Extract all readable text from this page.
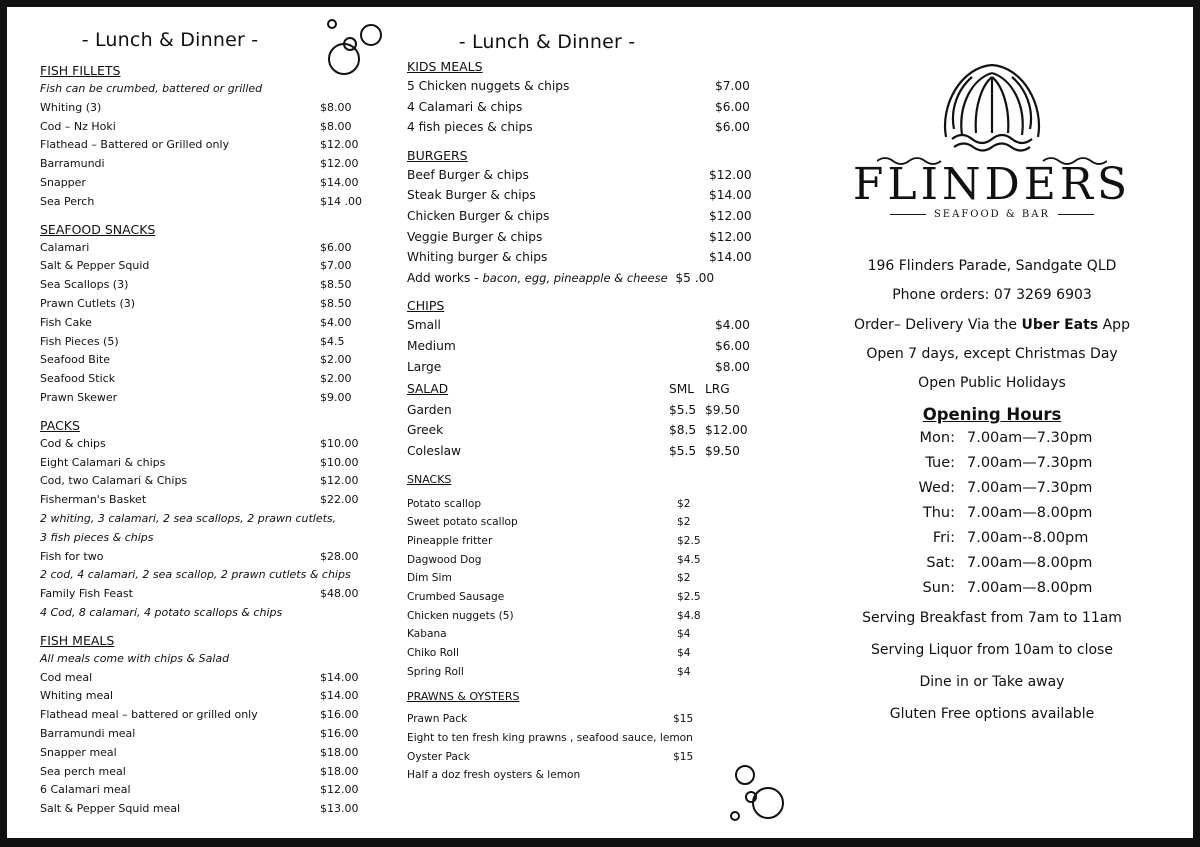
- Lunch & Dinner -
FISH FILLETS
Fish can be crumbed, battered or grilled
Whiting (3)	$8.00
Cod – Nz Hoki	$8.00
Flathead – Battered or Grilled only	$12.00
Barramundi	$12.00
Snapper	$14.00
Sea Perch	$14 .00
SEAFOOD SNACKS
Calamari	$6.00
Salt & Pepper Squid	$7.00
Sea Scallops (3)	$8.50
Prawn Cutlets (3)	$8.50
Fish Cake	$4.00
Fish Pieces (5)	$4.5
Seafood Bite	$2.00
Seafood Stick	$2.00
Prawn Skewer	$9.00
PACKS
Cod & chips	$10.00
Eight Calamari & chips	$10.00
Cod, two Calamari & Chips	$12.00
Fisherman's Basket	$22.00
2 whiting, 3 calamari, 2 sea scallops, 2 prawn cutlets,
3 fish pieces & chips
Fish for two	$28.00
2 cod, 4 calamari, 2 sea scallop, 2 prawn cutlets & chips
Family Fish Feast	$48.00
4 Cod, 8 calamari, 4 potato scallops & chips
FISH MEALS
All meals come with chips & Salad
Cod meal	$14.00
Whiting meal	$14.00
Flathead meal – battered or grilled only	$16.00
Barramundi meal	$16.00
Snapper meal	$18.00
Sea perch meal	$18.00
6 Calamari meal	$12.00
Salt & Pepper Squid meal	$13.00
- Lunch & Dinner -
KIDS MEALS
5 Chicken nuggets & chips	$7.00
4 Calamari & chips	$6.00
4 fish pieces & chips	$6.00
BURGERS
Beef Burger & chips	$12.00
Steak Burger & chips	$14.00
Chicken Burger & chips	$12.00
Veggie Burger & chips	$12.00
Whiting burger & chips	$14.00
Add works - bacon, egg, pineapple & cheese $5 .00
CHIPS
Small	$4.00
Medium	$6.00
Large	$8.00
SALAD	SML LRG
Garden	$5.5 $9.50
Greek	$8.5 $12.00
Coleslaw	$5.5 $9.50
SNACKS
Potato scallop	$2
Sweet potato scallop	$2
Pineapple fritter	$2.5
Dagwood Dog	$4.5
Dim Sim	$2
Crumbed Sausage	$2.5
Chicken nuggets (5)	$4.8
Kabana	$4
Chiko Roll	$4
Spring Roll	$4
PRAWNS & OYSTERS
Prawn Pack	$15
Eight to ten fresh king prawns , seafood sauce, lemon
Oyster Pack	$15
Half a doz fresh oysters & lemon
FLINDERS
SEAFOOD & BAR
196 Flinders Parade, Sandgate QLD
Phone orders: 07 3269 6903
Order– Delivery Via the Uber Eats App
Open 7 days, except Christmas Day
Open Public Holidays
Opening Hours
Mon: 7.00am—7.30pm
Tue: 7.00am—7.30pm
Wed: 7.00am—7.30pm
Thu: 7.00am—8.00pm
Fri: 7.00am--8.00pm
Sat: 7.00am—8.00pm
Sun: 7.00am—8.00pm
Serving Breakfast from 7am to 11am
Serving Liquor from 10am to close
Dine in or Take away
Gluten Free options available
